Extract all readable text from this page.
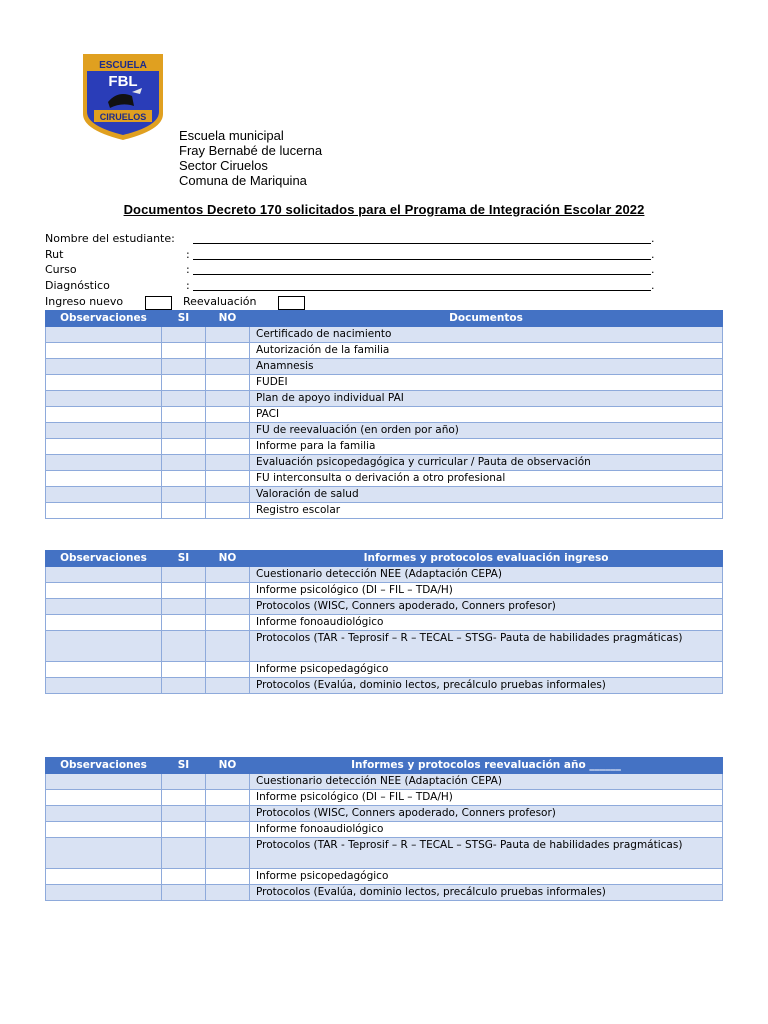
ESCUELA
FBL
CIRUELOS
Escuela municipal
Fray Bernabé de lucerna
Sector Ciruelos
Comuna de Mariquina
Documentos Decreto 170 solicitados para el Programa de Integración Escolar 2022
Nombre del estudiante:	.
Rut	:	.
Curso	:	.
Diagnóstico	:	.
Ingreso nuevo	Reevaluación
Observaciones	SI	NO	Documentos
			Certificado de nacimiento
			Autorización de la familia
			Anamnesis
			FUDEI
			Plan de apoyo individual PAI
			PACI
			FU de reevaluación (en orden por año)
			Informe para la familia
			Evaluación psicopedagógica y curricular / Pauta de observación
			FU interconsulta o derivación a otro profesional
			Valoración de salud
			Registro escolar
Observaciones	SI	NO	Informes y protocolos evaluación ingreso
			Cuestionario detección NEE (Adaptación CEPA)
			Informe psicológico (DI – FIL – TDA/H)
			Protocolos (WISC, Conners apoderado, Conners profesor)
			Informe fonoaudiológico
			Protocolos (TAR - Teprosif – R – TECAL – STSG- Pauta de habilidades pragmáticas)
			Informe psicopedagógico
			Protocolos (Evalúa, dominio lectos, precálculo pruebas informales)
Observaciones	SI	NO	Informes y protocolos reevaluación año ______
			Cuestionario detección NEE (Adaptación CEPA)
			Informe psicológico (DI – FIL – TDA/H)
			Protocolos (WISC, Conners apoderado, Conners profesor)
			Informe fonoaudiológico
			Protocolos (TAR - Teprosif – R – TECAL – STSG- Pauta de habilidades pragmáticas)
			Informe psicopedagógico
			Protocolos (Evalúa, dominio lectos, precálculo pruebas informales)
